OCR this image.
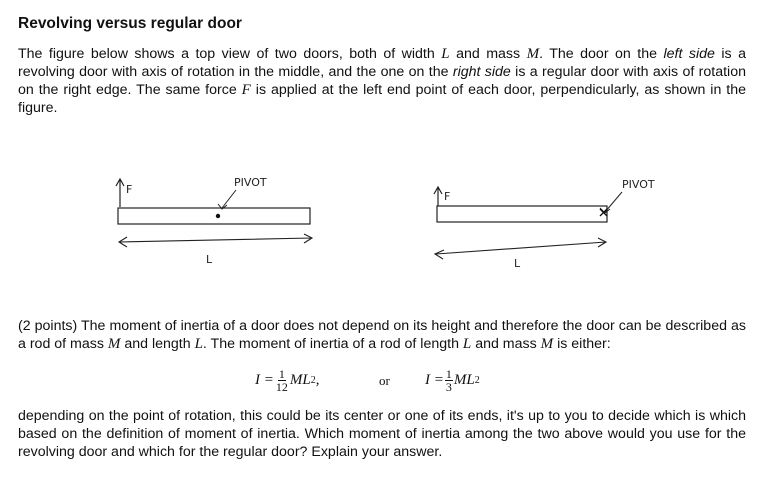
Revolving versus regular door

The figure below shows a top view of two doors, both of width L and mass M. The door on the left side is a revolving door with axis of rotation in the middle, and the one on the right side is a regular door with axis of rotation on the right edge. The same force F is applied at the left end point of each door, perpendicularly, as shown in the figure.

F
PIVOT
L
F
PIVOT
L

(2 points) The moment of inertia of a door does not depend on its height and therefore the door can be described as a rod of mass M and length L. The moment of inertia of a rod of length L and mass M is either:

$I = \frac{1}{12}$ ML 2 ,	or $I = \frac{1}{3}$ ML 2

depending on the point of rotation, this could be its center or one of its ends, it's up to you to decide which is which based on the definition of moment of inertia. Which moment of inertia among the two above would you use for the revolving door and which for the regular door? Explain your answer.
